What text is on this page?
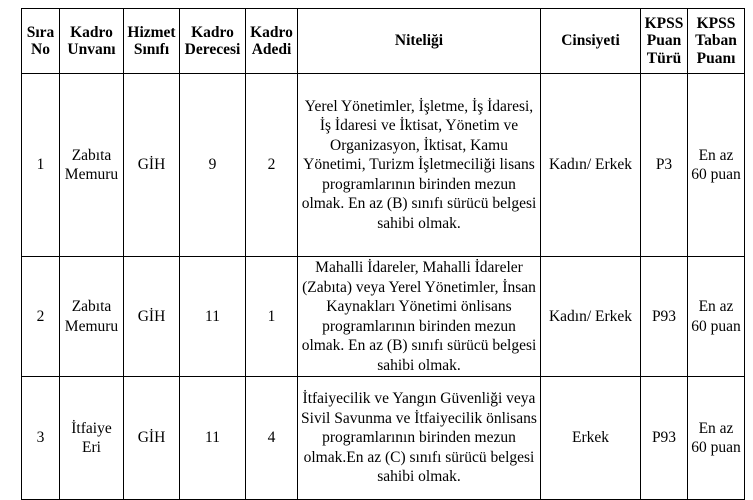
Sıra No	Kadro Unvanı	Hizmet Sınıfı	Kadro Derecesi	Kadro Adedi	Niteliği	Cinsiyeti	KPSS Puan Türü	KPSS Taban Puanı
1	Zabıta Memuru	GİH	9	2	Yerel Yönetimler, İşletme, İş İdaresi, İş İdaresi ve İktisat, Yönetim ve Organizasyon, İktisat, Kamu Yönetimi, Turizm İşletmeciliği lisans programlarının birinden mezun olmak. En az (B) sınıfı sürücü belgesi sahibi olmak.	Kadın/ Erkek	P3	En az 60 puan
2	Zabıta Memuru	GİH	11	1	Mahalli İdareler, Mahalli İdareler (Zabıta) veya Yerel Yönetimler, İnsan Kaynakları Yönetimi önlisans programlarının birinden mezun olmak. En az (B) sınıfı sürücü belgesi sahibi olmak.	Kadın/ Erkek	P93	En az 60 puan
3	İtfaiye Eri	GİH	11	4	İtfaiyecilik ve Yangın Güvenliği veya Sivil Savunma ve İtfaiyecilik önlisans programlarının birinden mezun olmak.En az (C) sınıfı sürücü belgesi sahibi olmak.	Erkek	P93	En az 60 puan
